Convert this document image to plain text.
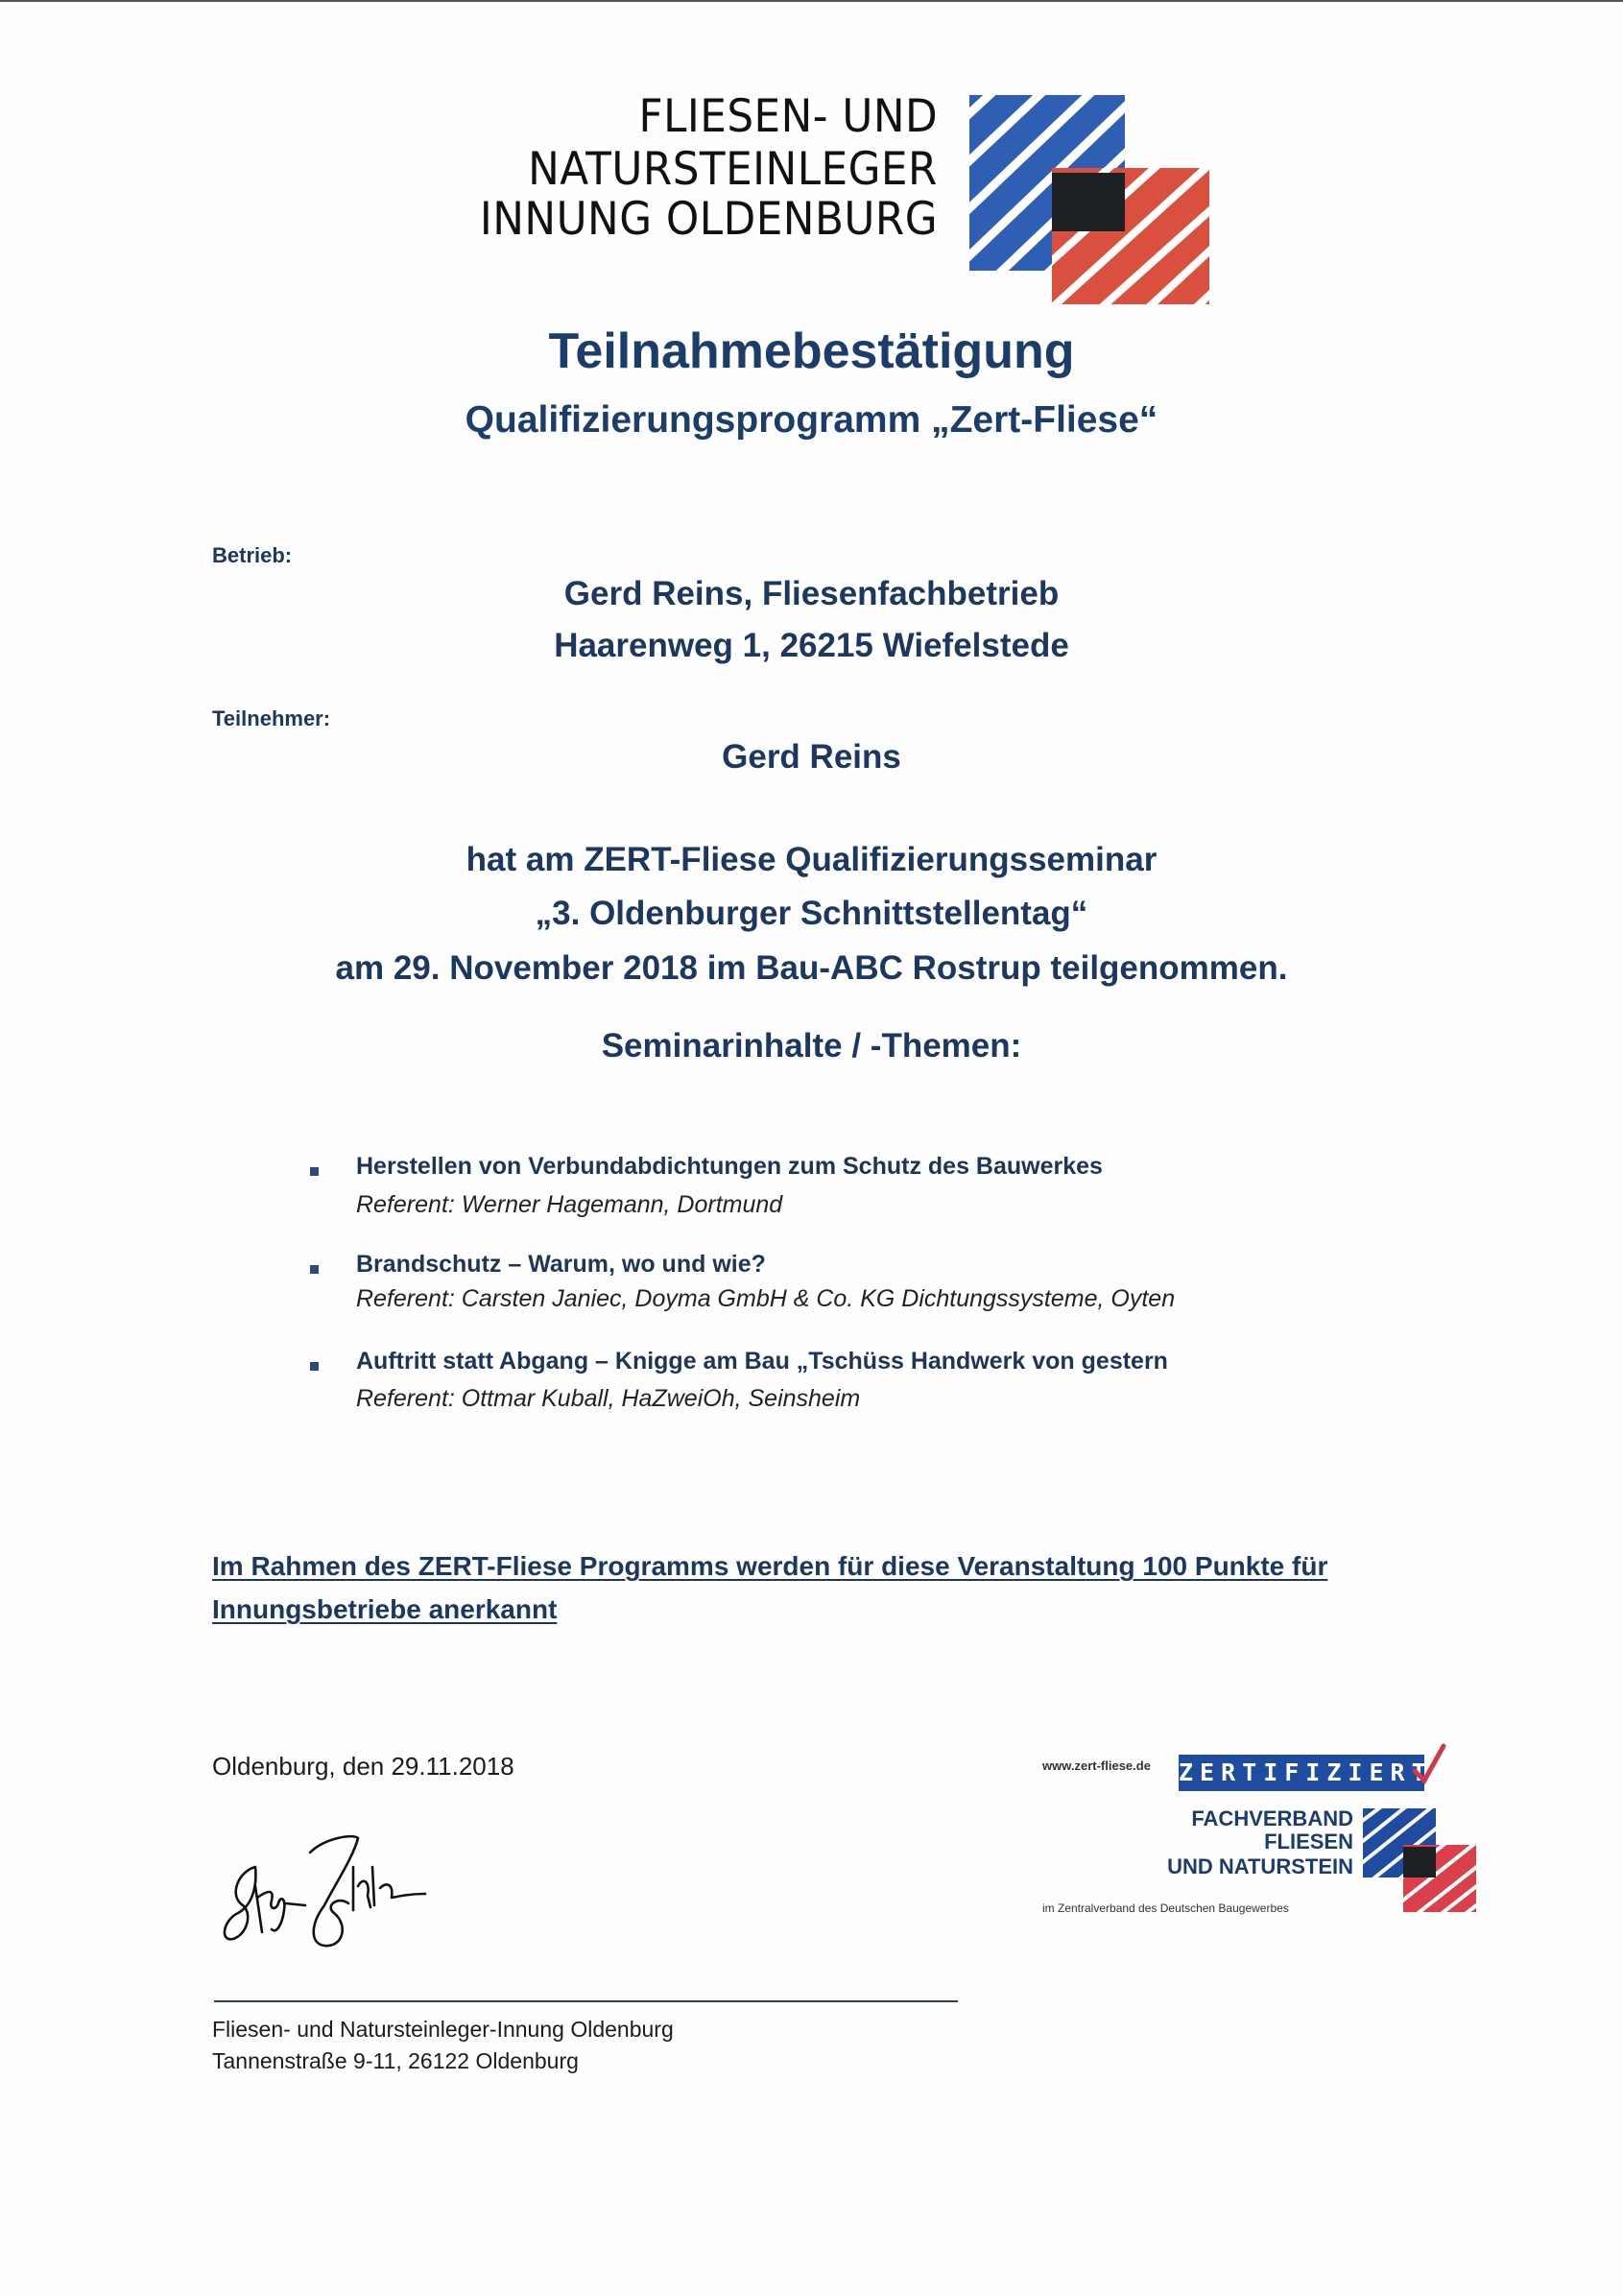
FLIESEN- UND
NATURSTEINLEGER
INNUNG OLDENBURG
Teilnahmebestätigung
Qualifizierungsprogramm „Zert-Fliese“
Betrieb:
Gerd Reins, Fliesenfachbetrieb
Haarenweg 1, 26215 Wiefelstede
Teilnehmer:
Gerd Reins
hat am ZERT-Fliese Qualifizierungsseminar
„3. Oldenburger Schnittstellentag“
am 29. November 2018 im Bau-ABC Rostrup teilgenommen.
Seminarinhalte / -Themen:
Herstellen von Verbundabdichtungen zum Schutz des Bauwerkes
Referent: Werner Hagemann, Dortmund
Brandschutz – Warum, wo und wie?
Referent: Carsten Janiec, Doyma GmbH & Co. KG Dichtungssysteme, Oyten
Auftritt statt Abgang – Knigge am Bau „Tschüss Handwerk von gestern
Referent: Ottmar Kuball, HaZweiOh, Seinsheim
Im Rahmen des ZERT-Fliese Programms werden für diese Veranstaltung 100 Punkte für
Innungsbetriebe anerkannt
Oldenburg, den 29.11.2018
Fliesen- und Natursteinleger-Innung Oldenburg
Tannenstraße 9-11, 26122 Oldenburg
www.zert-fliese.de ZERTIFIZIERT
FACHVERBAND
FLIESEN
UND NATURSTEIN
im Zentralverband des Deutschen Baugewerbes
